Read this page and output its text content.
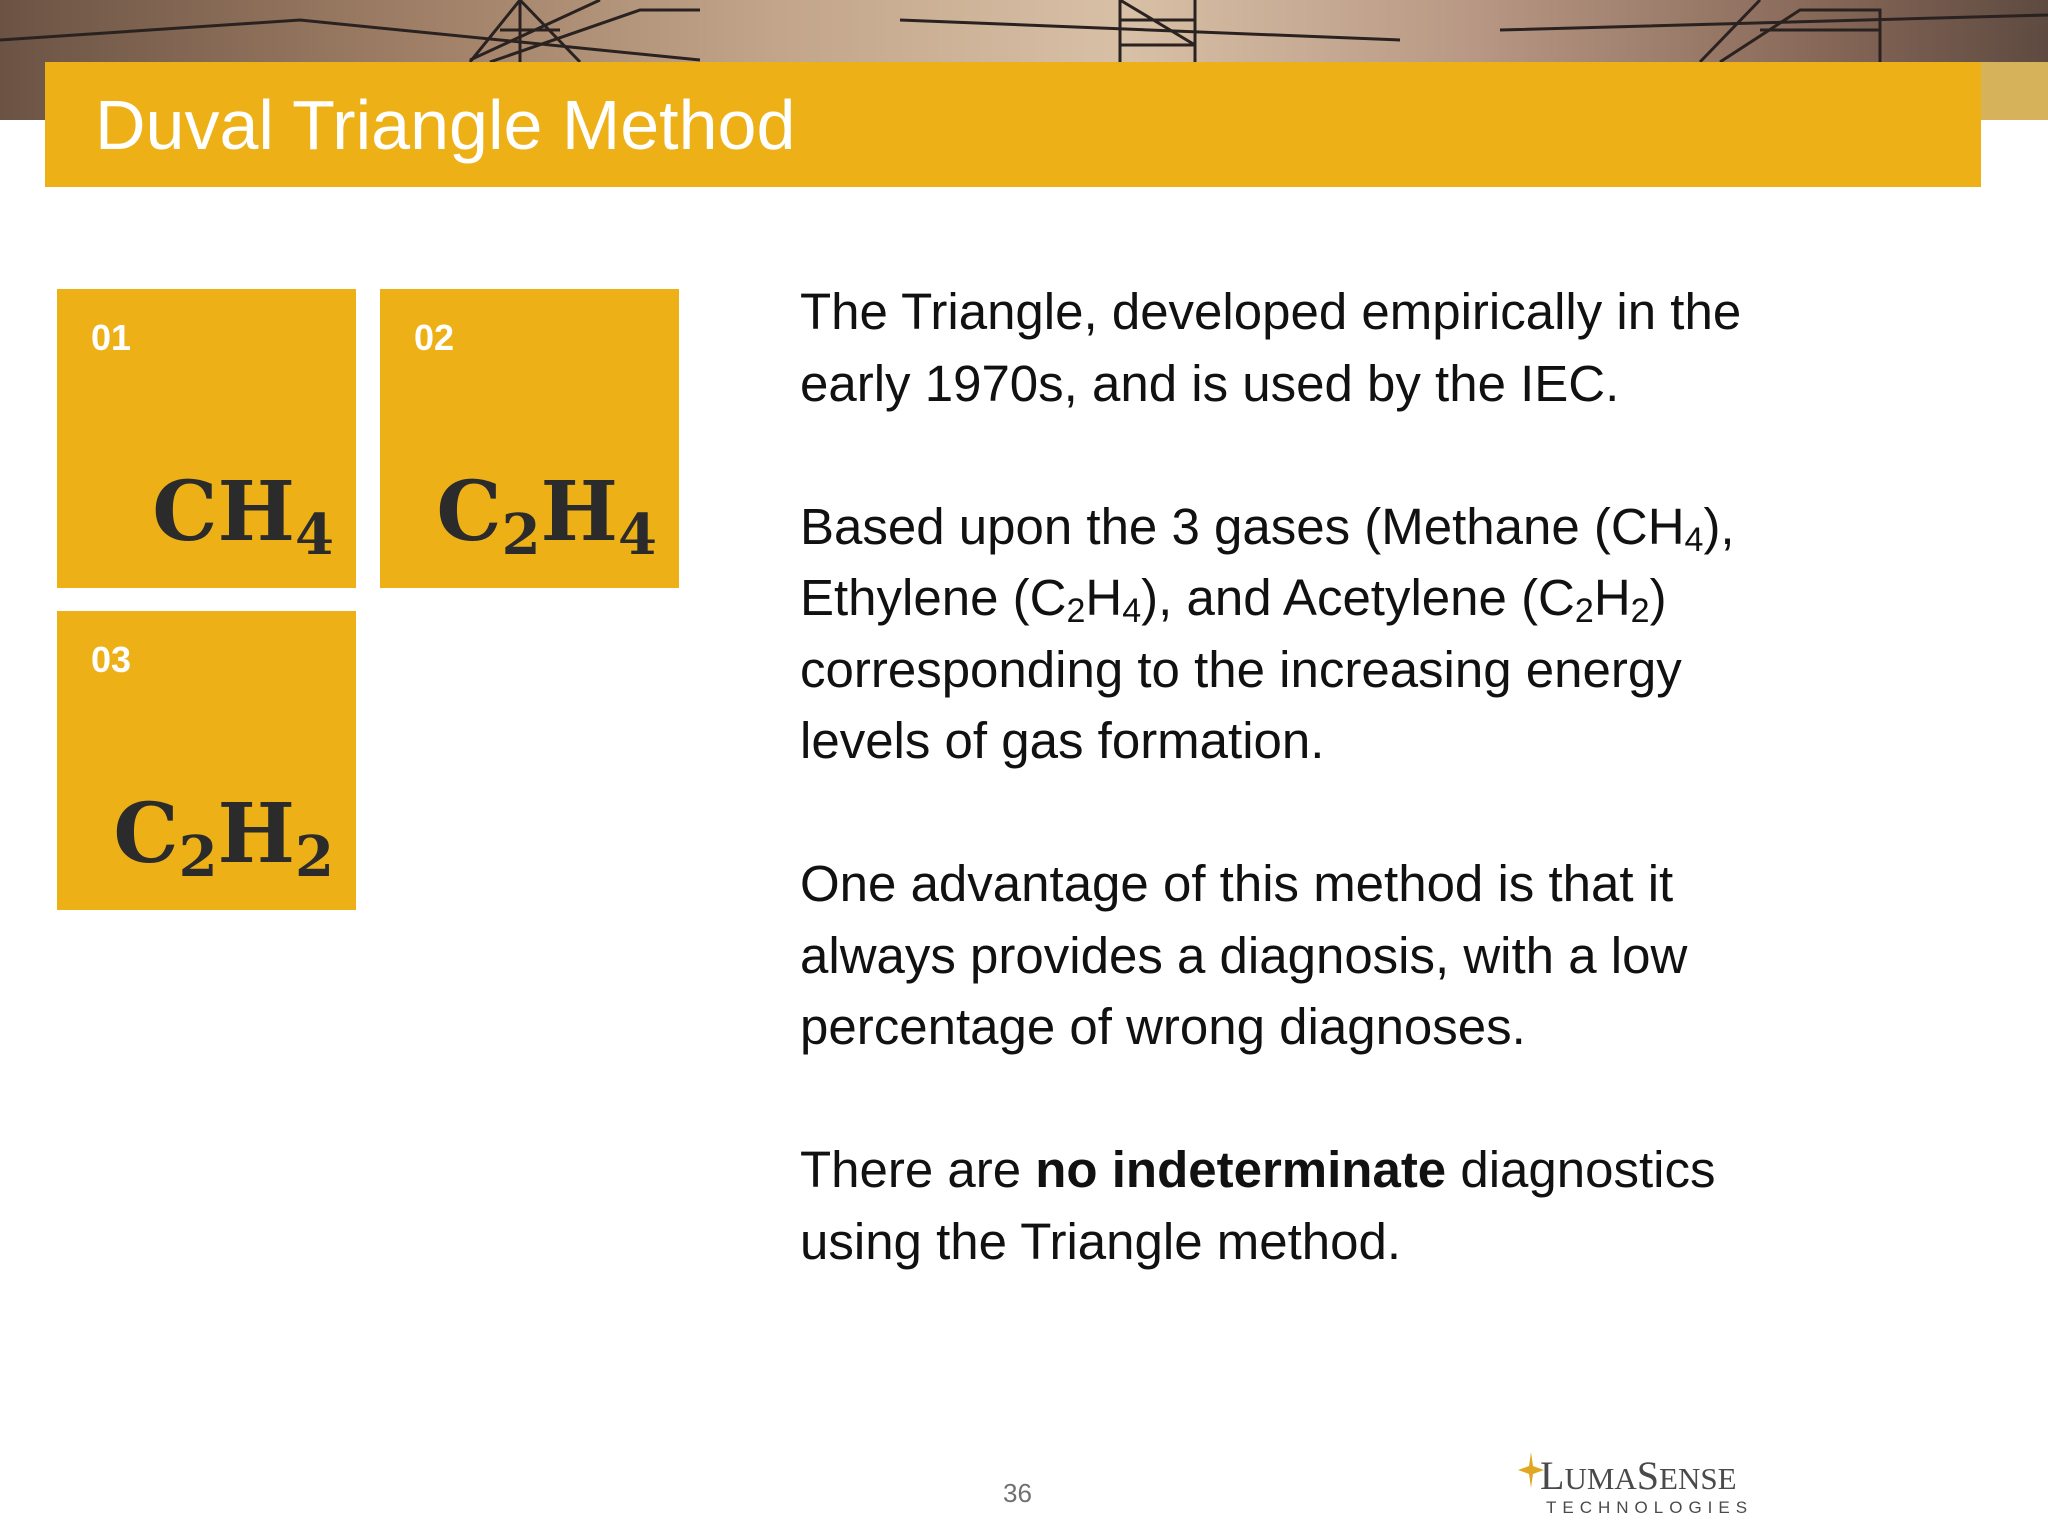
Duval Triangle Method
01
$CH_4$
02
$C_2H_4$
03
$C_2H_2$

The Triangle, developed empirically in the early 1970s, and is used by the IEC.

Based upon the 3 gases (Methane $(CH_4)$, Ethylene $(C_2H_4)$, and Acetylene $(C_2H_2)$ corresponding to the increasing energy levels of gas formation.

One advantage of this method is that it always provides a diagnosis, with a low percentage of wrong diagnoses.

There are no indeterminate diagnostics using the Triangle method.

36	LUMASENSE
TECHNOLOGIES
